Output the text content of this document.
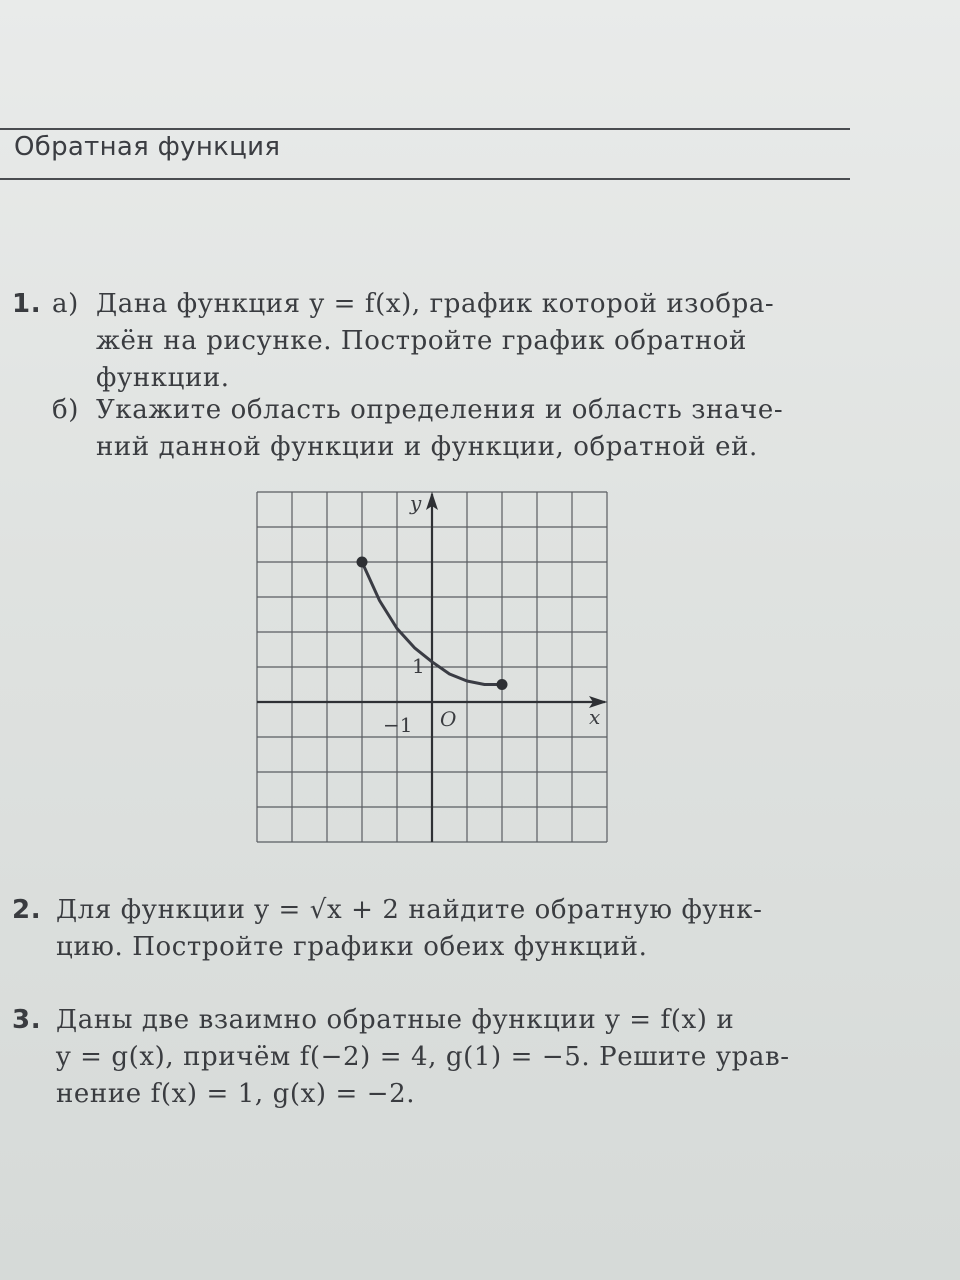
Обратная функция
1. а) Дана функция y = f(x), график которой изобра-
жён на рисунке. Постройте график обратной
функции.
б) Укажите область определения и область значе-
ний данной функции и функции, обратной ей.
x
y
O
−1
1
2. Для функции y = √x + 2 найдите обратную функ-
цию. Постройте графики обеих функций.
3. Даны две взаимно обратные функции y = f(x) и
y = g(x), причём f(−2) = 4, g(1) = −5. Решите урав-
нение f(x) = 1, g(x) = −2.
